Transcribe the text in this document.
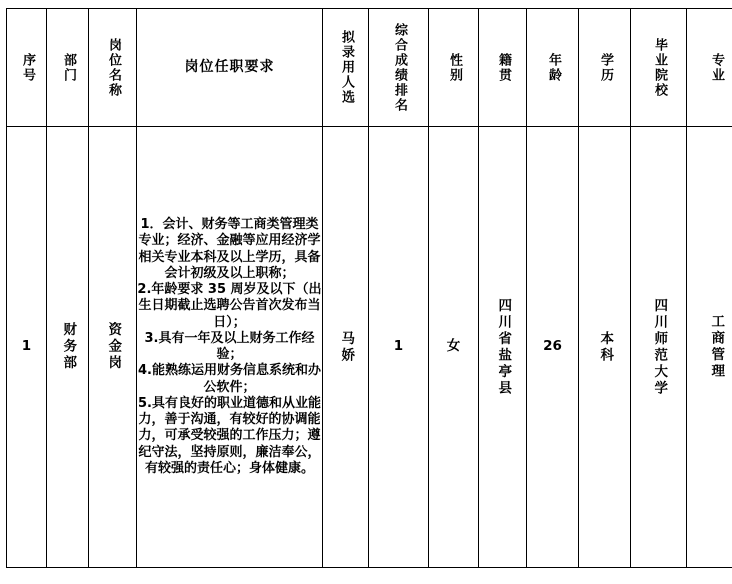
序号	部门	岗位名称	岗位任职要求	拟录用人选	综合成绩排名	性别	籍贯	年龄	学历	毕业院校	专业

1	财务部	资金岗	1．会计、财务等工商类管理类专业；经济、金融等应用经济学相关专业本科及以上学历，具备会计初级及以上职称；

2.年龄要求 35 周岁及以下（出生日期截止选聘公告首次发布当日）；

3.具有一年及以上财务工作经验；

4.能熟练运用财务信息系统和办公软件；

5.具有良好的职业道德和从业能力，善于沟通，有较好的协调能力，可承受较强的工作压力；遵纪守法，坚持原则，廉洁奉公，有较强的责任心；身体健康。	马娇	1	女	四川省盐亭县	26	本科	四川师范大学	工商管理
